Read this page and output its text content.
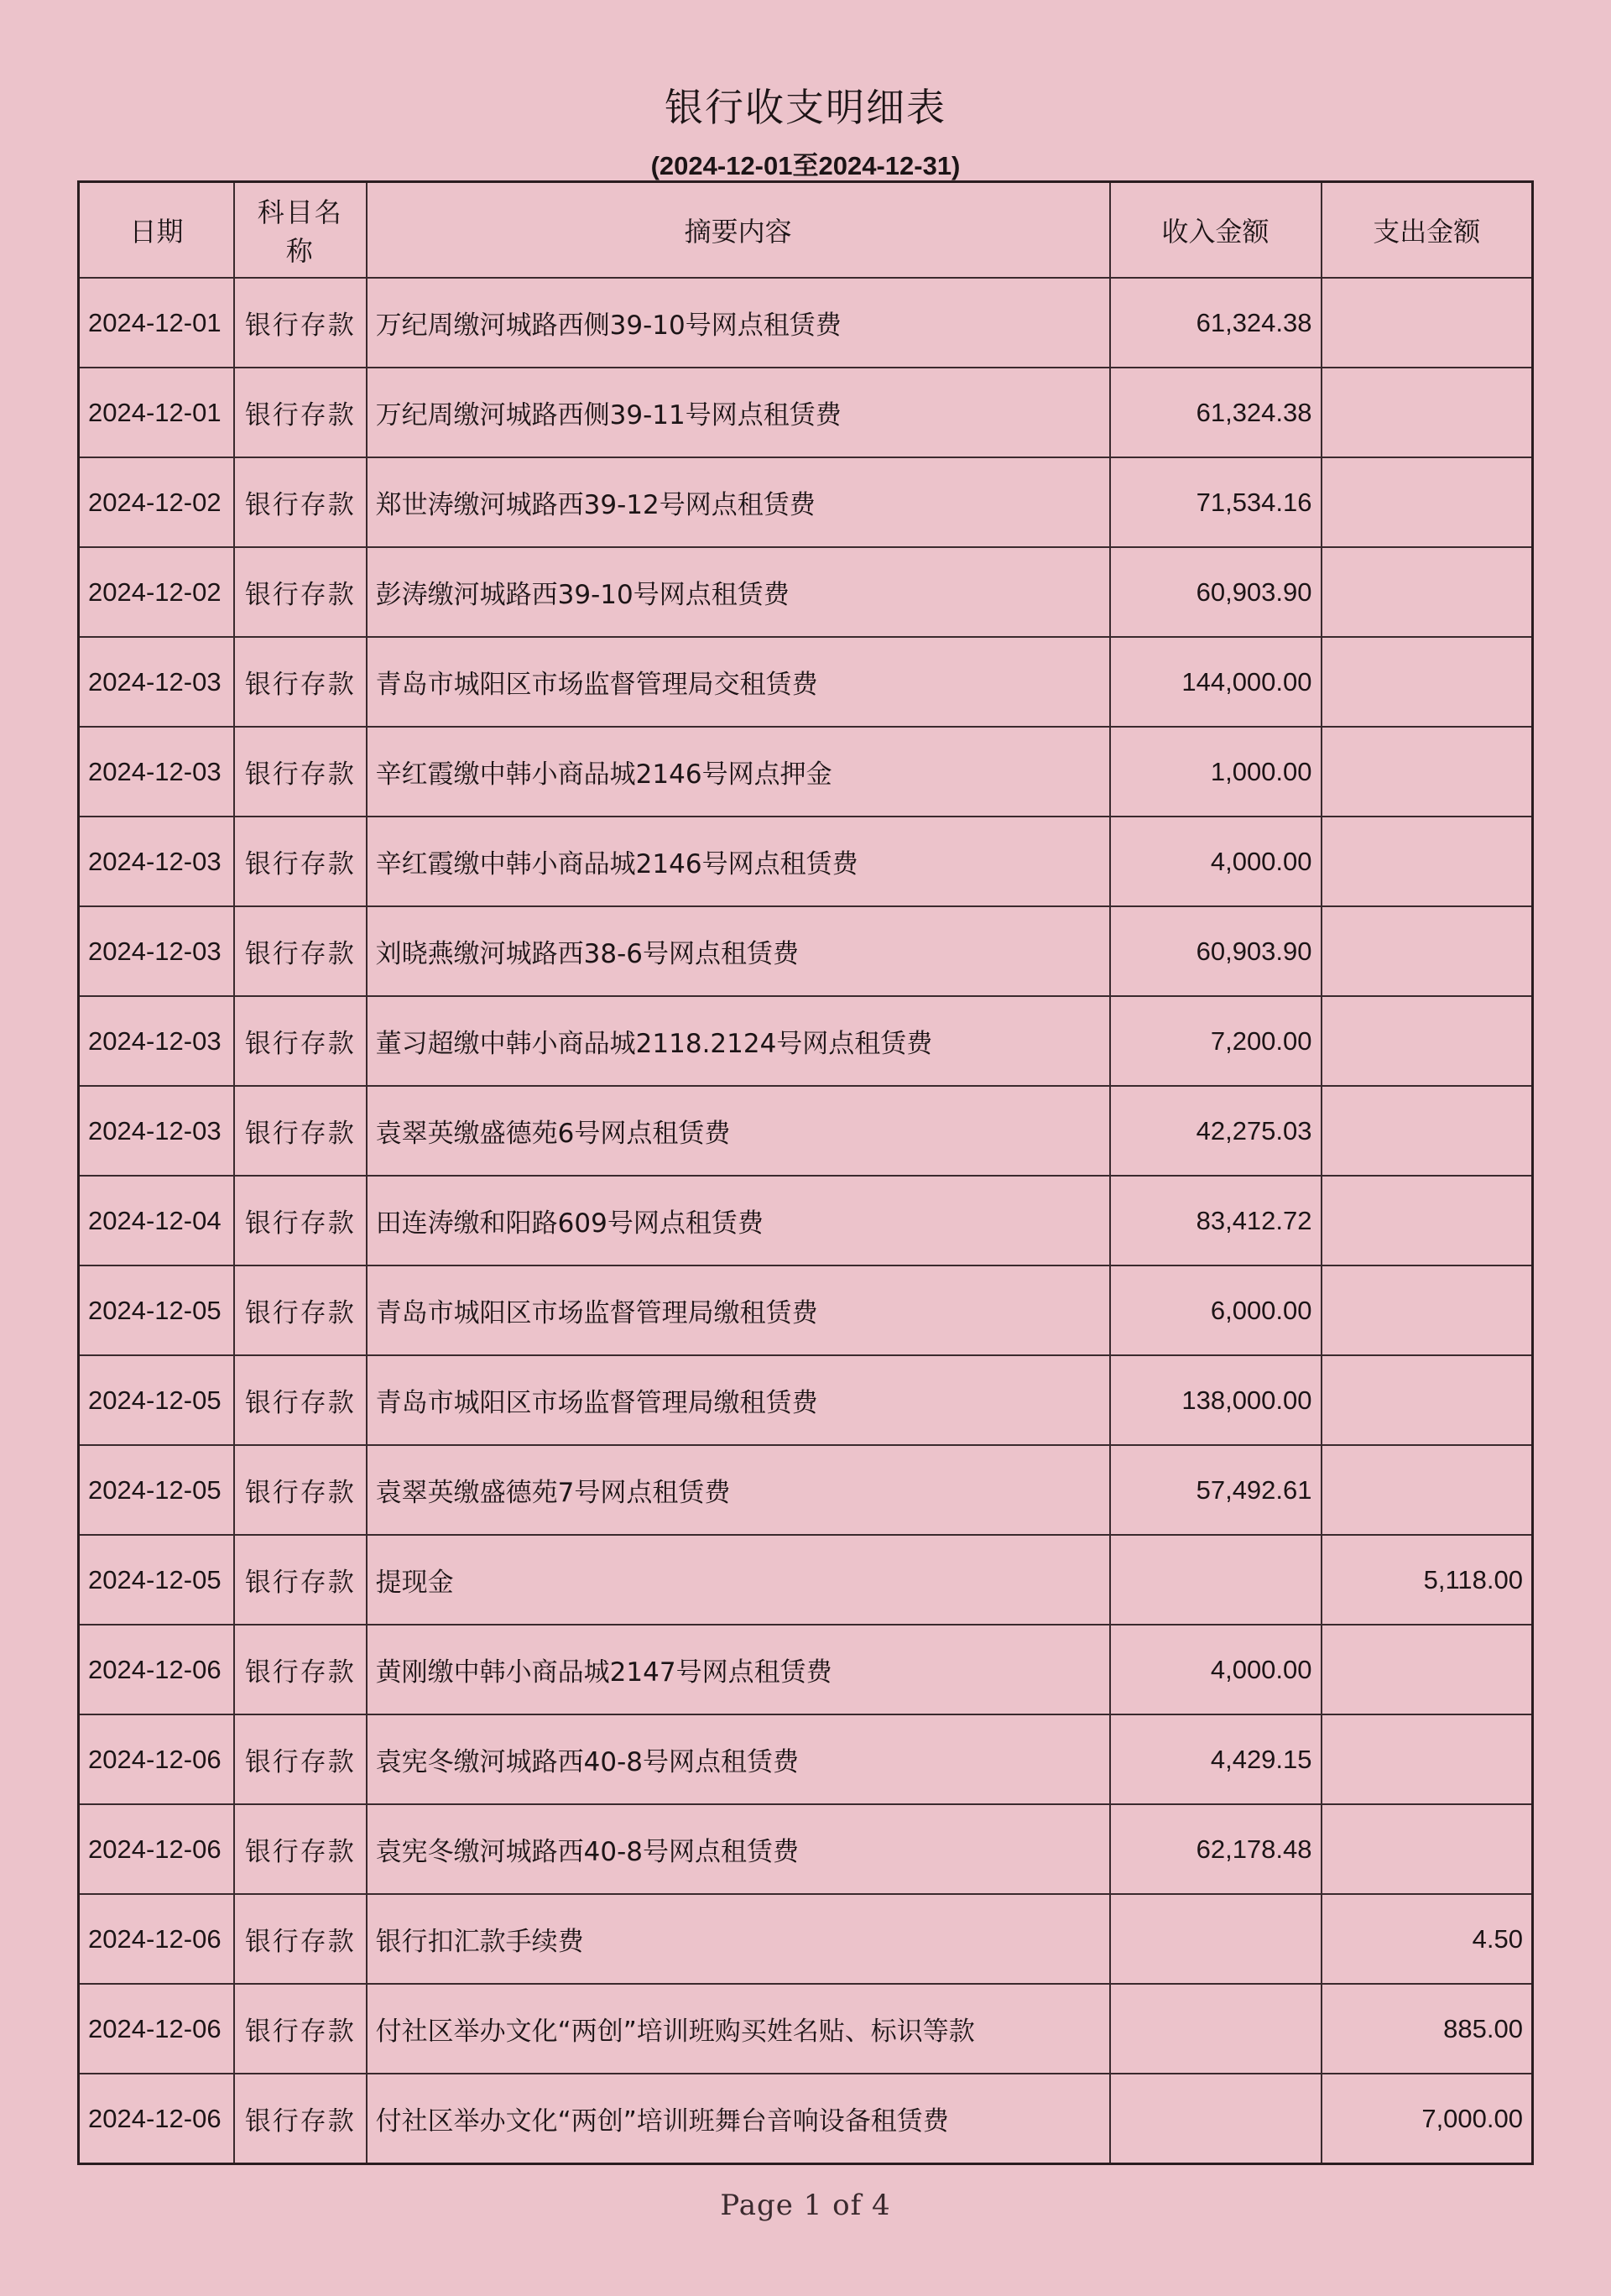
银行收支明细表
(2024-12-01至2024-12-31)
日期	科目名称	摘要内容	收入金额	支出金额
2024-12-01	银行存款	万纪周缴河城路西侧39-10号网点租赁费	61,324.38	
2024-12-01	银行存款	万纪周缴河城路西侧39-11号网点租赁费	61,324.38	
2024-12-02	银行存款	郑世涛缴河城路西39-12号网点租赁费	71,534.16	
2024-12-02	银行存款	彭涛缴河城路西39-10号网点租赁费	60,903.90	
2024-12-03	银行存款	青岛市城阳区市场监督管理局交租赁费	144,000.00	
2024-12-03	银行存款	辛红霞缴中韩小商品城2146号网点押金	1,000.00	
2024-12-03	银行存款	辛红霞缴中韩小商品城2146号网点租赁费	4,000.00	
2024-12-03	银行存款	刘晓燕缴河城路西38-6号网点租赁费	60,903.90	
2024-12-03	银行存款	董习超缴中韩小商品城2118.2124号网点租赁费	7,200.00	
2024-12-03	银行存款	袁翠英缴盛德苑6号网点租赁费	42,275.03	
2024-12-04	银行存款	田连涛缴和阳路609号网点租赁费	83,412.72	
2024-12-05	银行存款	青岛市城阳区市场监督管理局缴租赁费	6,000.00	
2024-12-05	银行存款	青岛市城阳区市场监督管理局缴租赁费	138,000.00	
2024-12-05	银行存款	袁翠英缴盛德苑7号网点租赁费	57,492.61	
2024-12-05	银行存款	提现金		5,118.00
2024-12-06	银行存款	黄刚缴中韩小商品城2147号网点租赁费	4,000.00	
2024-12-06	银行存款	袁宪冬缴河城路西40-8号网点租赁费	4,429.15	
2024-12-06	银行存款	袁宪冬缴河城路西40-8号网点租赁费	62,178.48	
2024-12-06	银行存款	银行扣汇款手续费		4.50
2024-12-06	银行存款	付社区举办文化“两创”培训班购买姓名贴、标识等款		885.00
2024-12-06	银行存款	付社区举办文化“两创”培训班舞台音响设备租赁费		7,000.00
Page 1 of 4
